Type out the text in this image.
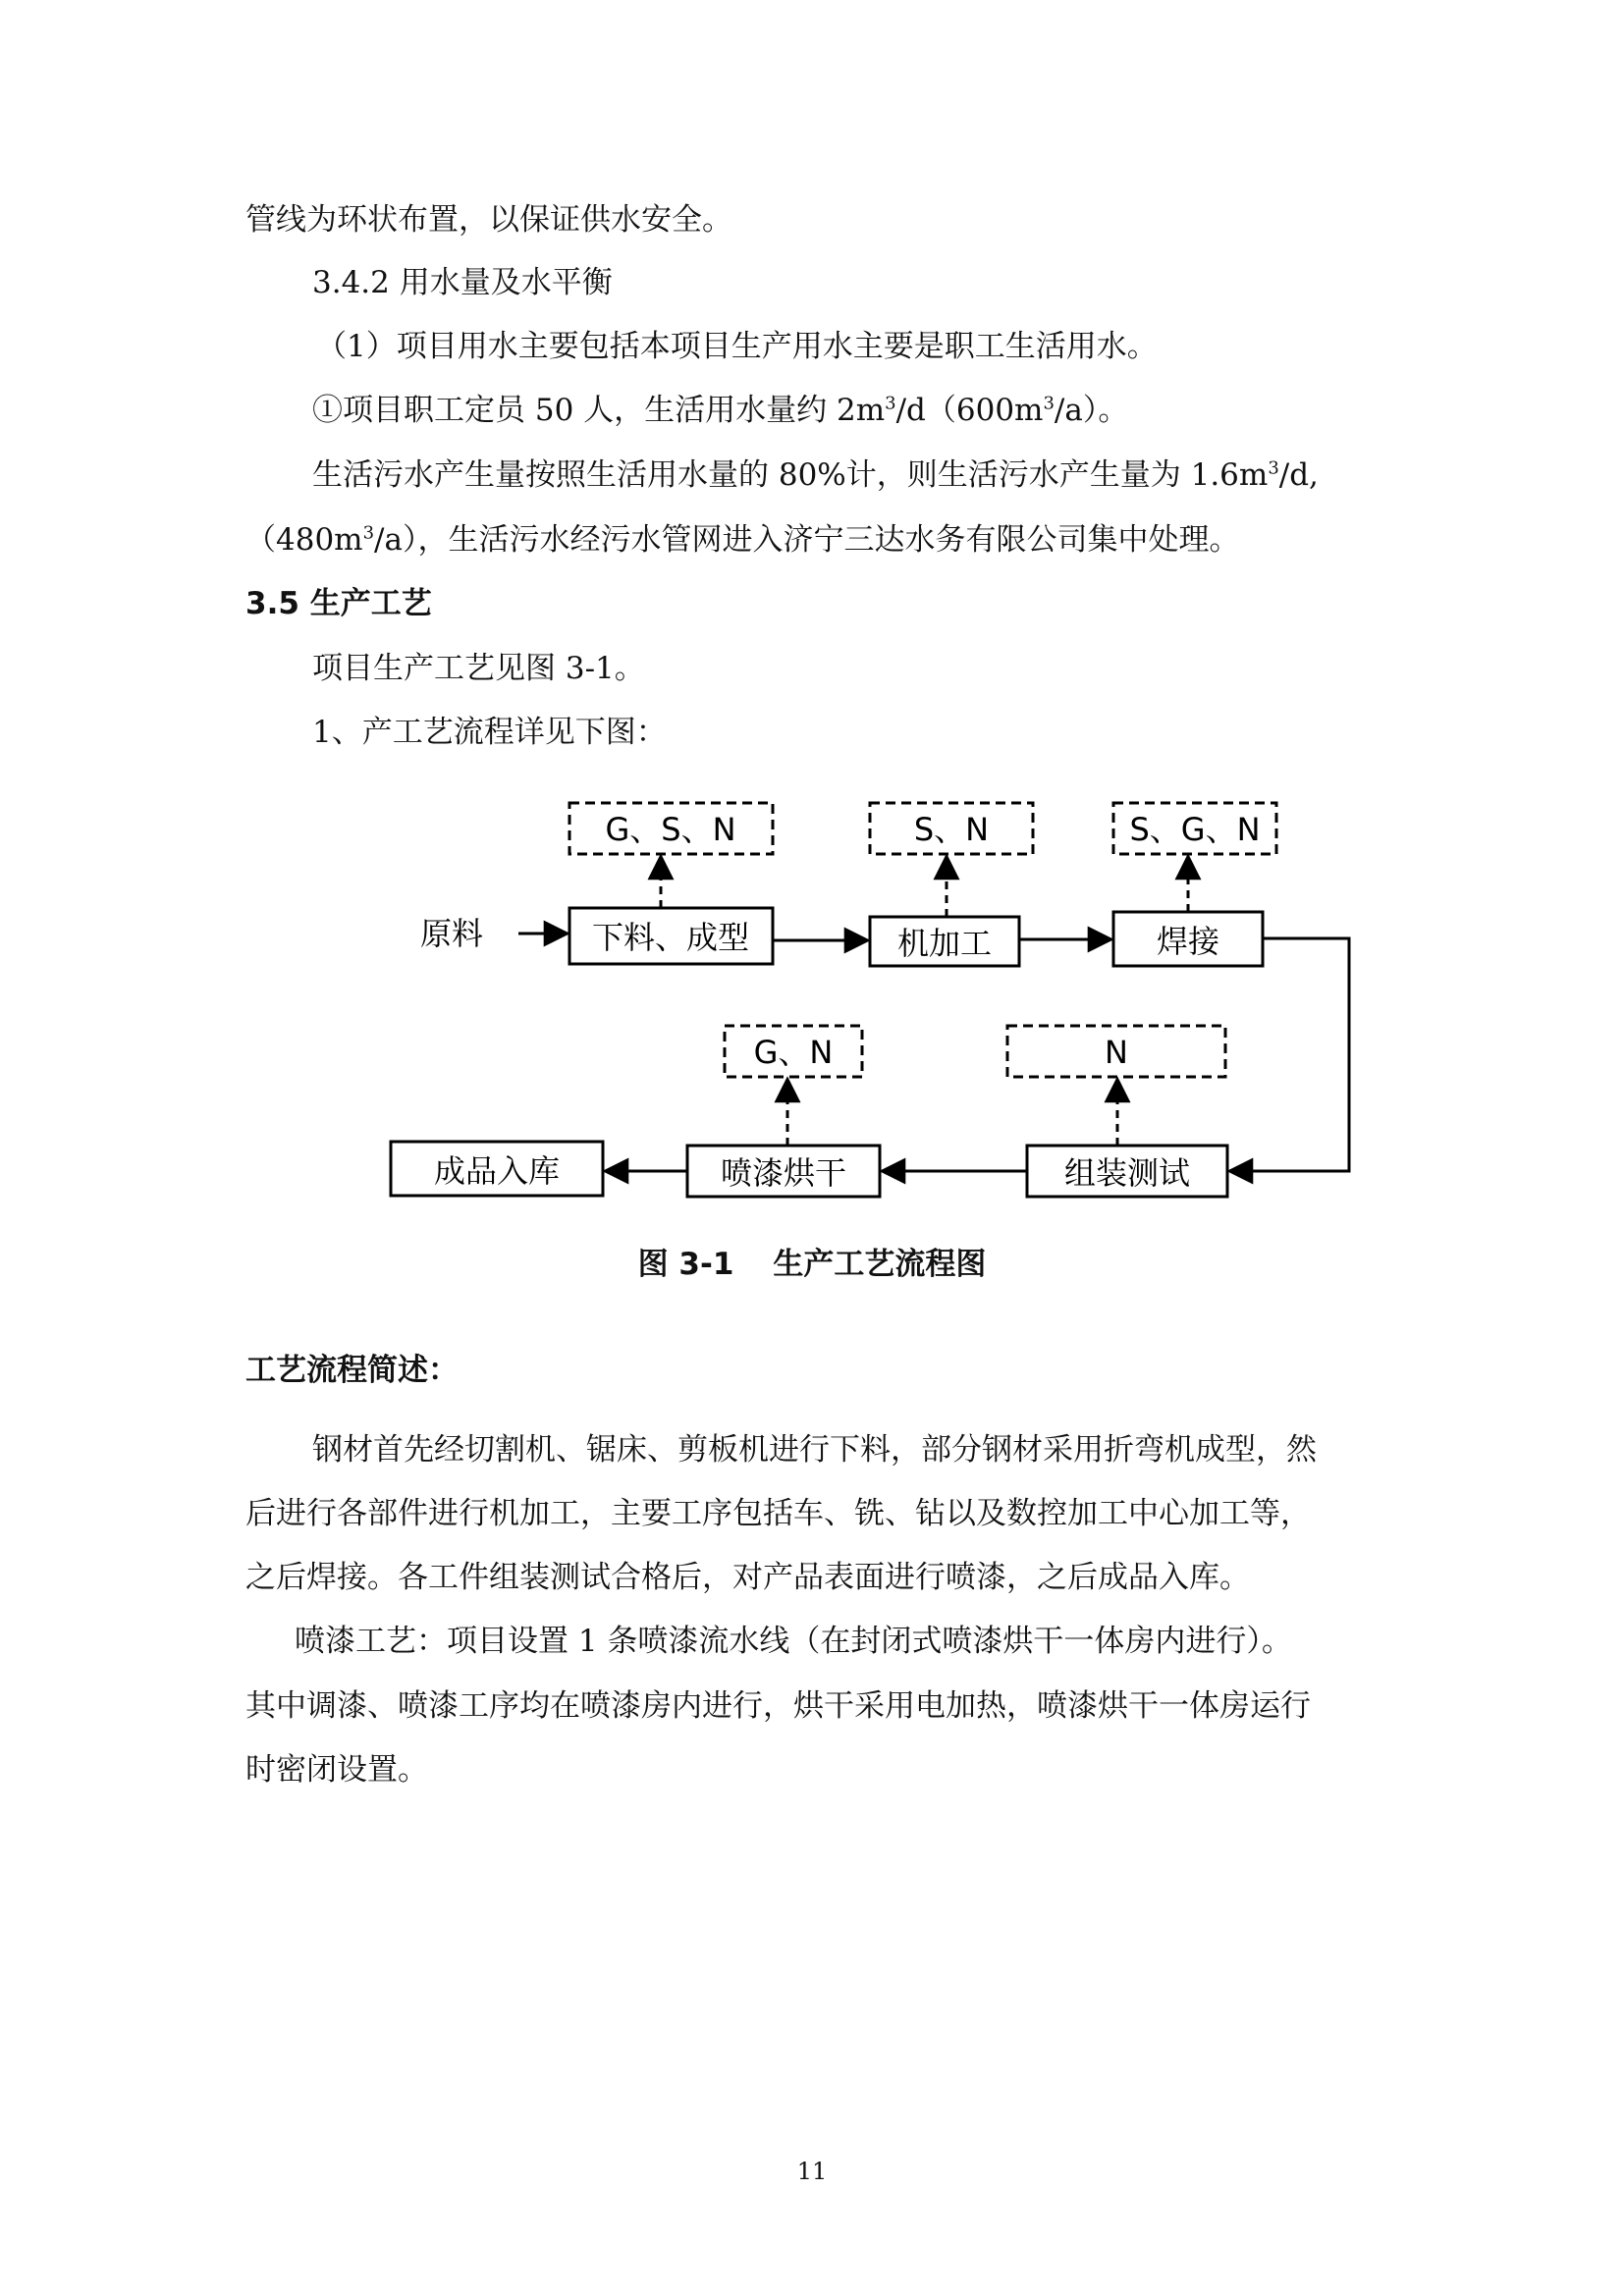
管线为环状布置，以保证供水安全。
3.4.2 用水量及水平衡
（1）项目用水主要包括本项目生产用水主要是职工生活用水。
①项目职工定员 50 人，生活用水量约 $2m^3/d(600m^3/a)$。
生活污水产生量按照生活用水量的 80%计，则生活污水产生量为 $1.6m^3/d$,
$(480m^3/a)$，生活污水经污水管网进入济宁三达水务有限公司集中处理。
3.5 生产工艺
项目生产工艺见图 3-1。
1、产工艺流程详见下图：
原料	下料、成型	机加工	焊接
组装测试
喷漆烘干
成品入库
G、S、N	S、N	S、G、N
N
G、N
图 3-1 生产工艺流程图
工艺流程简述：
钢材首先经切割机、锯床、剪板机进行下料，部分钢材采用折弯机成型，然
后进行各部件进行机加工，主要工序包括车、铣、钻以及数控加工中心加工等，
之后焊接。各工件组装测试合格后，对产品表面进行喷漆，之后成品入库。
喷漆工艺：项目设置 1 条喷漆流水线（在封闭式喷漆烘干一体房内进行）。
其中调漆、喷漆工序均在喷漆房内进行，烘干采用电加热，喷漆烘干一体房运行
时密闭设置。
11
